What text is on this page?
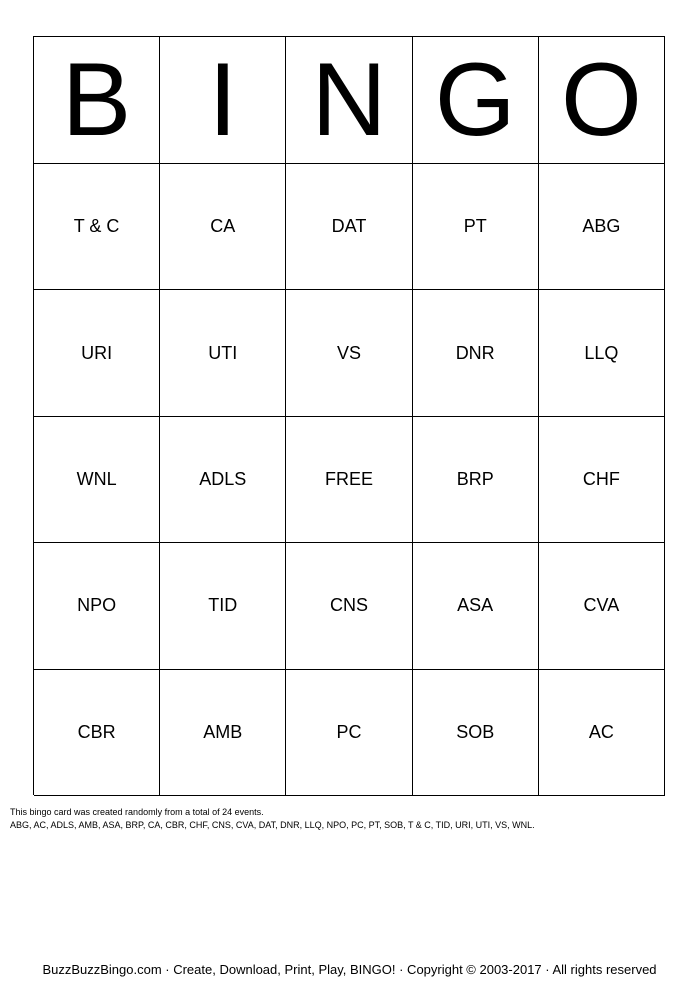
B I N G O
T & C	CA	DAT	PT	ABG
URI	UTI	VS	DNR	LLQ
WNL	ADLS	FREE	BRP	CHF
NPO	TID	CNS	ASA	CVA
CBR	AMB	PC	SOB	AC
This bingo card was created randomly from a total of 24 events.
ABG, AC, ADLS, AMB, ASA, BRP, CA, CBR, CHF, CNS, CVA, DAT, DNR, LLQ, NPO, PC, PT, SOB, T & C, TID, URI, UTI, VS, WNL.
BuzzBuzzBingo.com · Create, Download, Print, Play, BINGO! · Copyright © 2003-2017 · All rights reserved
